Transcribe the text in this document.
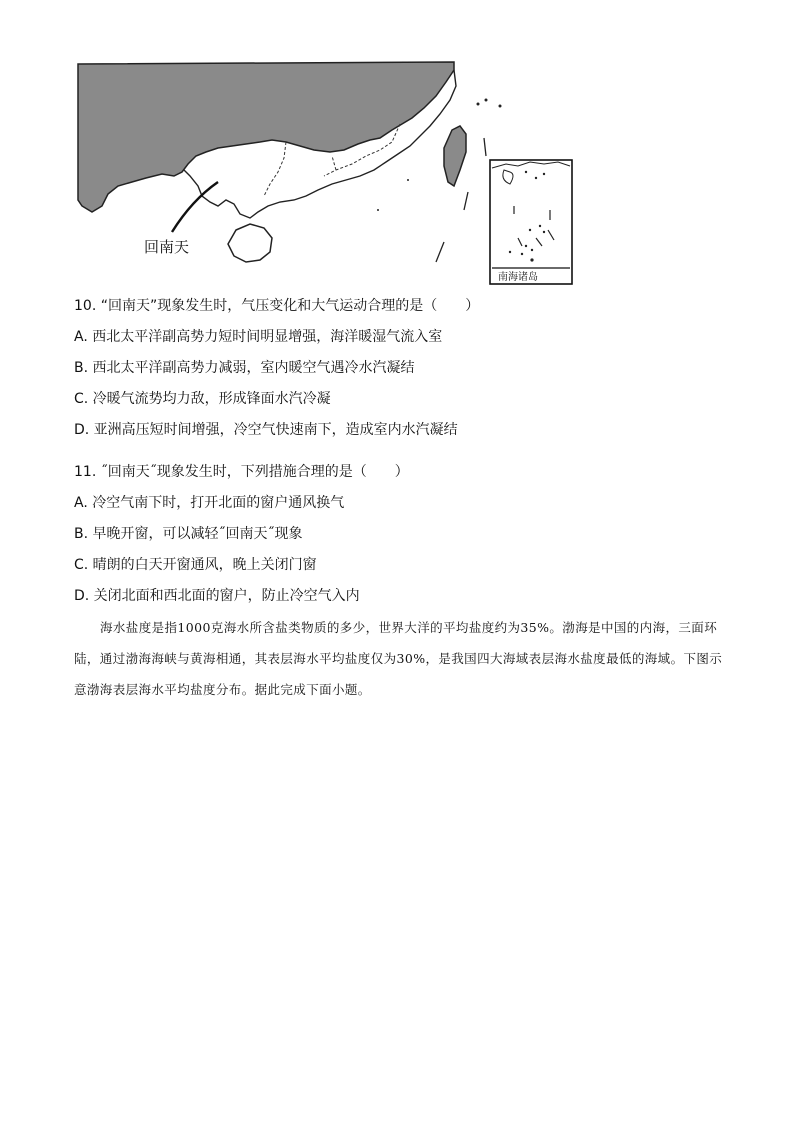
回南天
南海诸岛
10. “回南天”现象发生时，气压变化和大气运动合理的是（　　）
A. 西北太平洋副高势力短时间明显增强，海洋暖湿气流入室
B. 西北太平洋副高势力减弱，室内暖空气遇冷水汽凝结
C. 冷暖气流势均力敌，形成锋面水汽冷凝
D. 亚洲高压短时间增强，冷空气快速南下，造成室内水汽凝结
11. ˝回南天˝现象发生时，下列措施合理的是（　　）
A. 冷空气南下时，打开北面的窗户通风换气
B. 早晚开窗，可以减轻˝回南天˝现象
C. 晴朗的白天开窗通风，晚上关闭门窗
D. 关闭北面和西北面的窗户，防止冷空气入内

海水盐度是指1000克海水所含盐类物质的多少，世界大洋的平均盐度约为35%。渤海是中国的内海，三面环陆，通过渤海海峡与黄海相通，其表层海水平均盐度仅为30%，是我国四大海域表层海水盐度最低的海域。下图示意渤海表层海水平均盐度分布。据此完成下面小题。
